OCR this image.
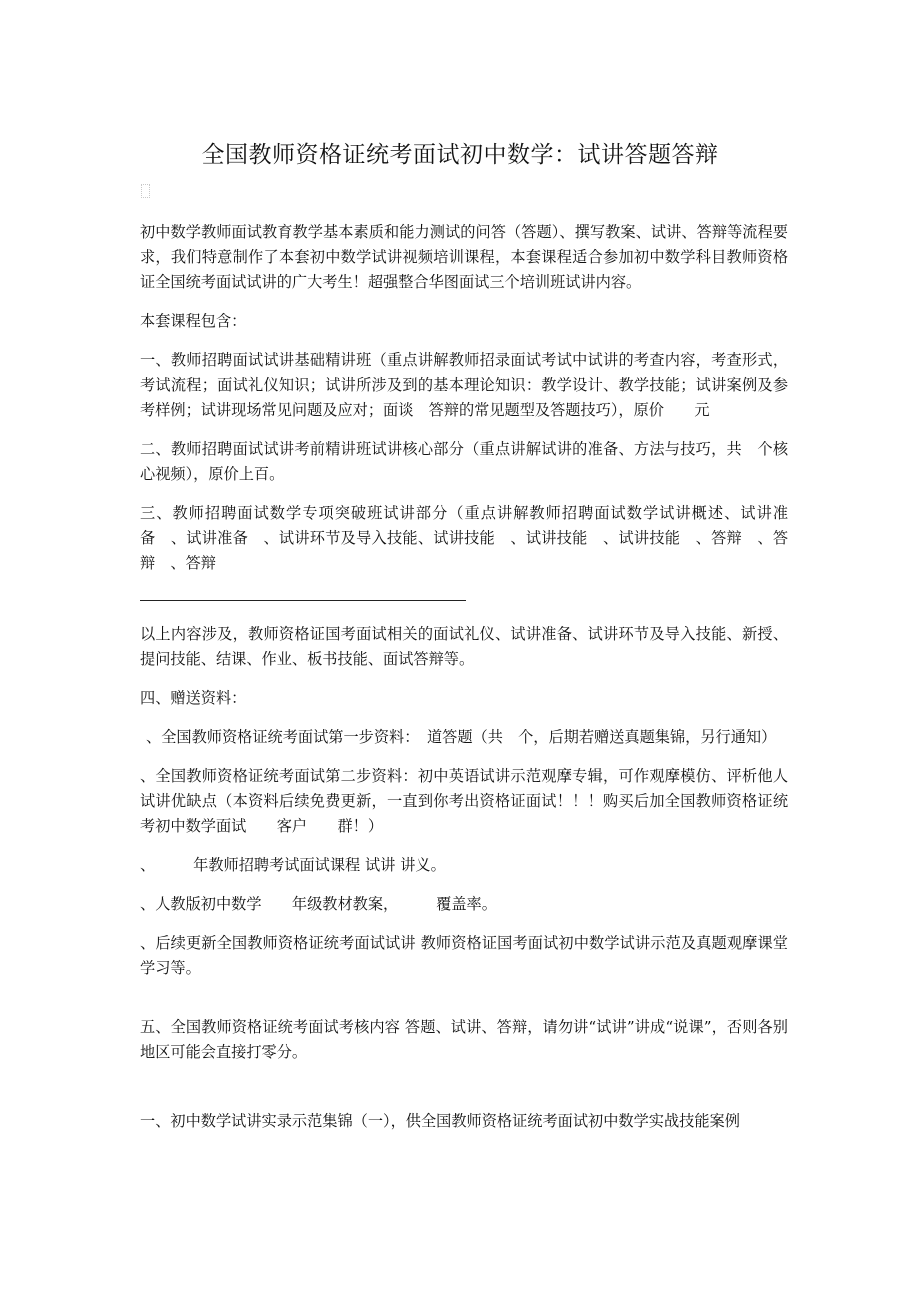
全国教师资格证统考面试初中数学：试讲答题答辩

初中数学教师面试教育教学基本素质和能力测试的问答（答题）、撰写教案、试讲、答辩等流程要求，我们特意制作了本套初中数学试讲视频培训课程，本套课程适合参加初中数学科目教师资格证全国统考面试试讲的广大考生！超强整合华图面试三个培训班试讲内容。

本套课程包含：

一、教师招聘面试试讲基础精讲班（重点讲解教师招录面试考试中试讲的考查内容，考查形式，考试流程；面试礼仪知识；试讲所涉及到的基本理论知识：教学设计、教学技能；试讲案例及参考样例；试讲现场常见问题及应对；面谈　答辩的常见题型及答题技巧），原价　　元

二、教师招聘面试试讲考前精讲班试讲核心部分（重点讲解试讲的准备、方法与技巧，共　个核心视频），原价上百。

三、教师招聘面试数学专项突破班试讲部分（重点讲解教师招聘面试数学试讲概述、试讲准备　、试讲准备　、试讲环节及导入技能、试讲技能　、试讲技能　、试讲技能　、答辩　、答辩　、答辩

以上内容涉及，教师资格证国考面试相关的面试礼仪、试讲准备、试讲环节及导入技能、新授、提问技能、结课、作业、板书技能、面试答辩等。

四、赠送资料：

、全国教师资格证统考面试第一步资料：　道答题（共　个，后期若赠送真题集锦，另行通知）

、全国教师资格证统考面试第二步资料：初中英语试讲示范观摩专辑，可作观摩模仿、评析他人试讲优缺点（本资料后续免费更新，一直到你考出资格证面试！！！购买后加全国教师资格证统考初中数学面试　　客户　　群！）

、　　　年教师招聘考试面试课程 试讲 讲义。

、人教版初中数学　　年级教材教案，　　　覆盖率。

、后续更新全国教师资格证统考面试试讲 教师资格证国考面试初中数学试讲示范及真题观摩课堂学习等。

五、全国教师资格证统考面试考核内容 答题、试讲、答辩，请勿讲“试讲”讲成“说课”，否则各别地区可能会直接打零分。

一、初中数学试讲实录示范集锦（一），供全国教师资格证统考面试初中数学实战技能案例
